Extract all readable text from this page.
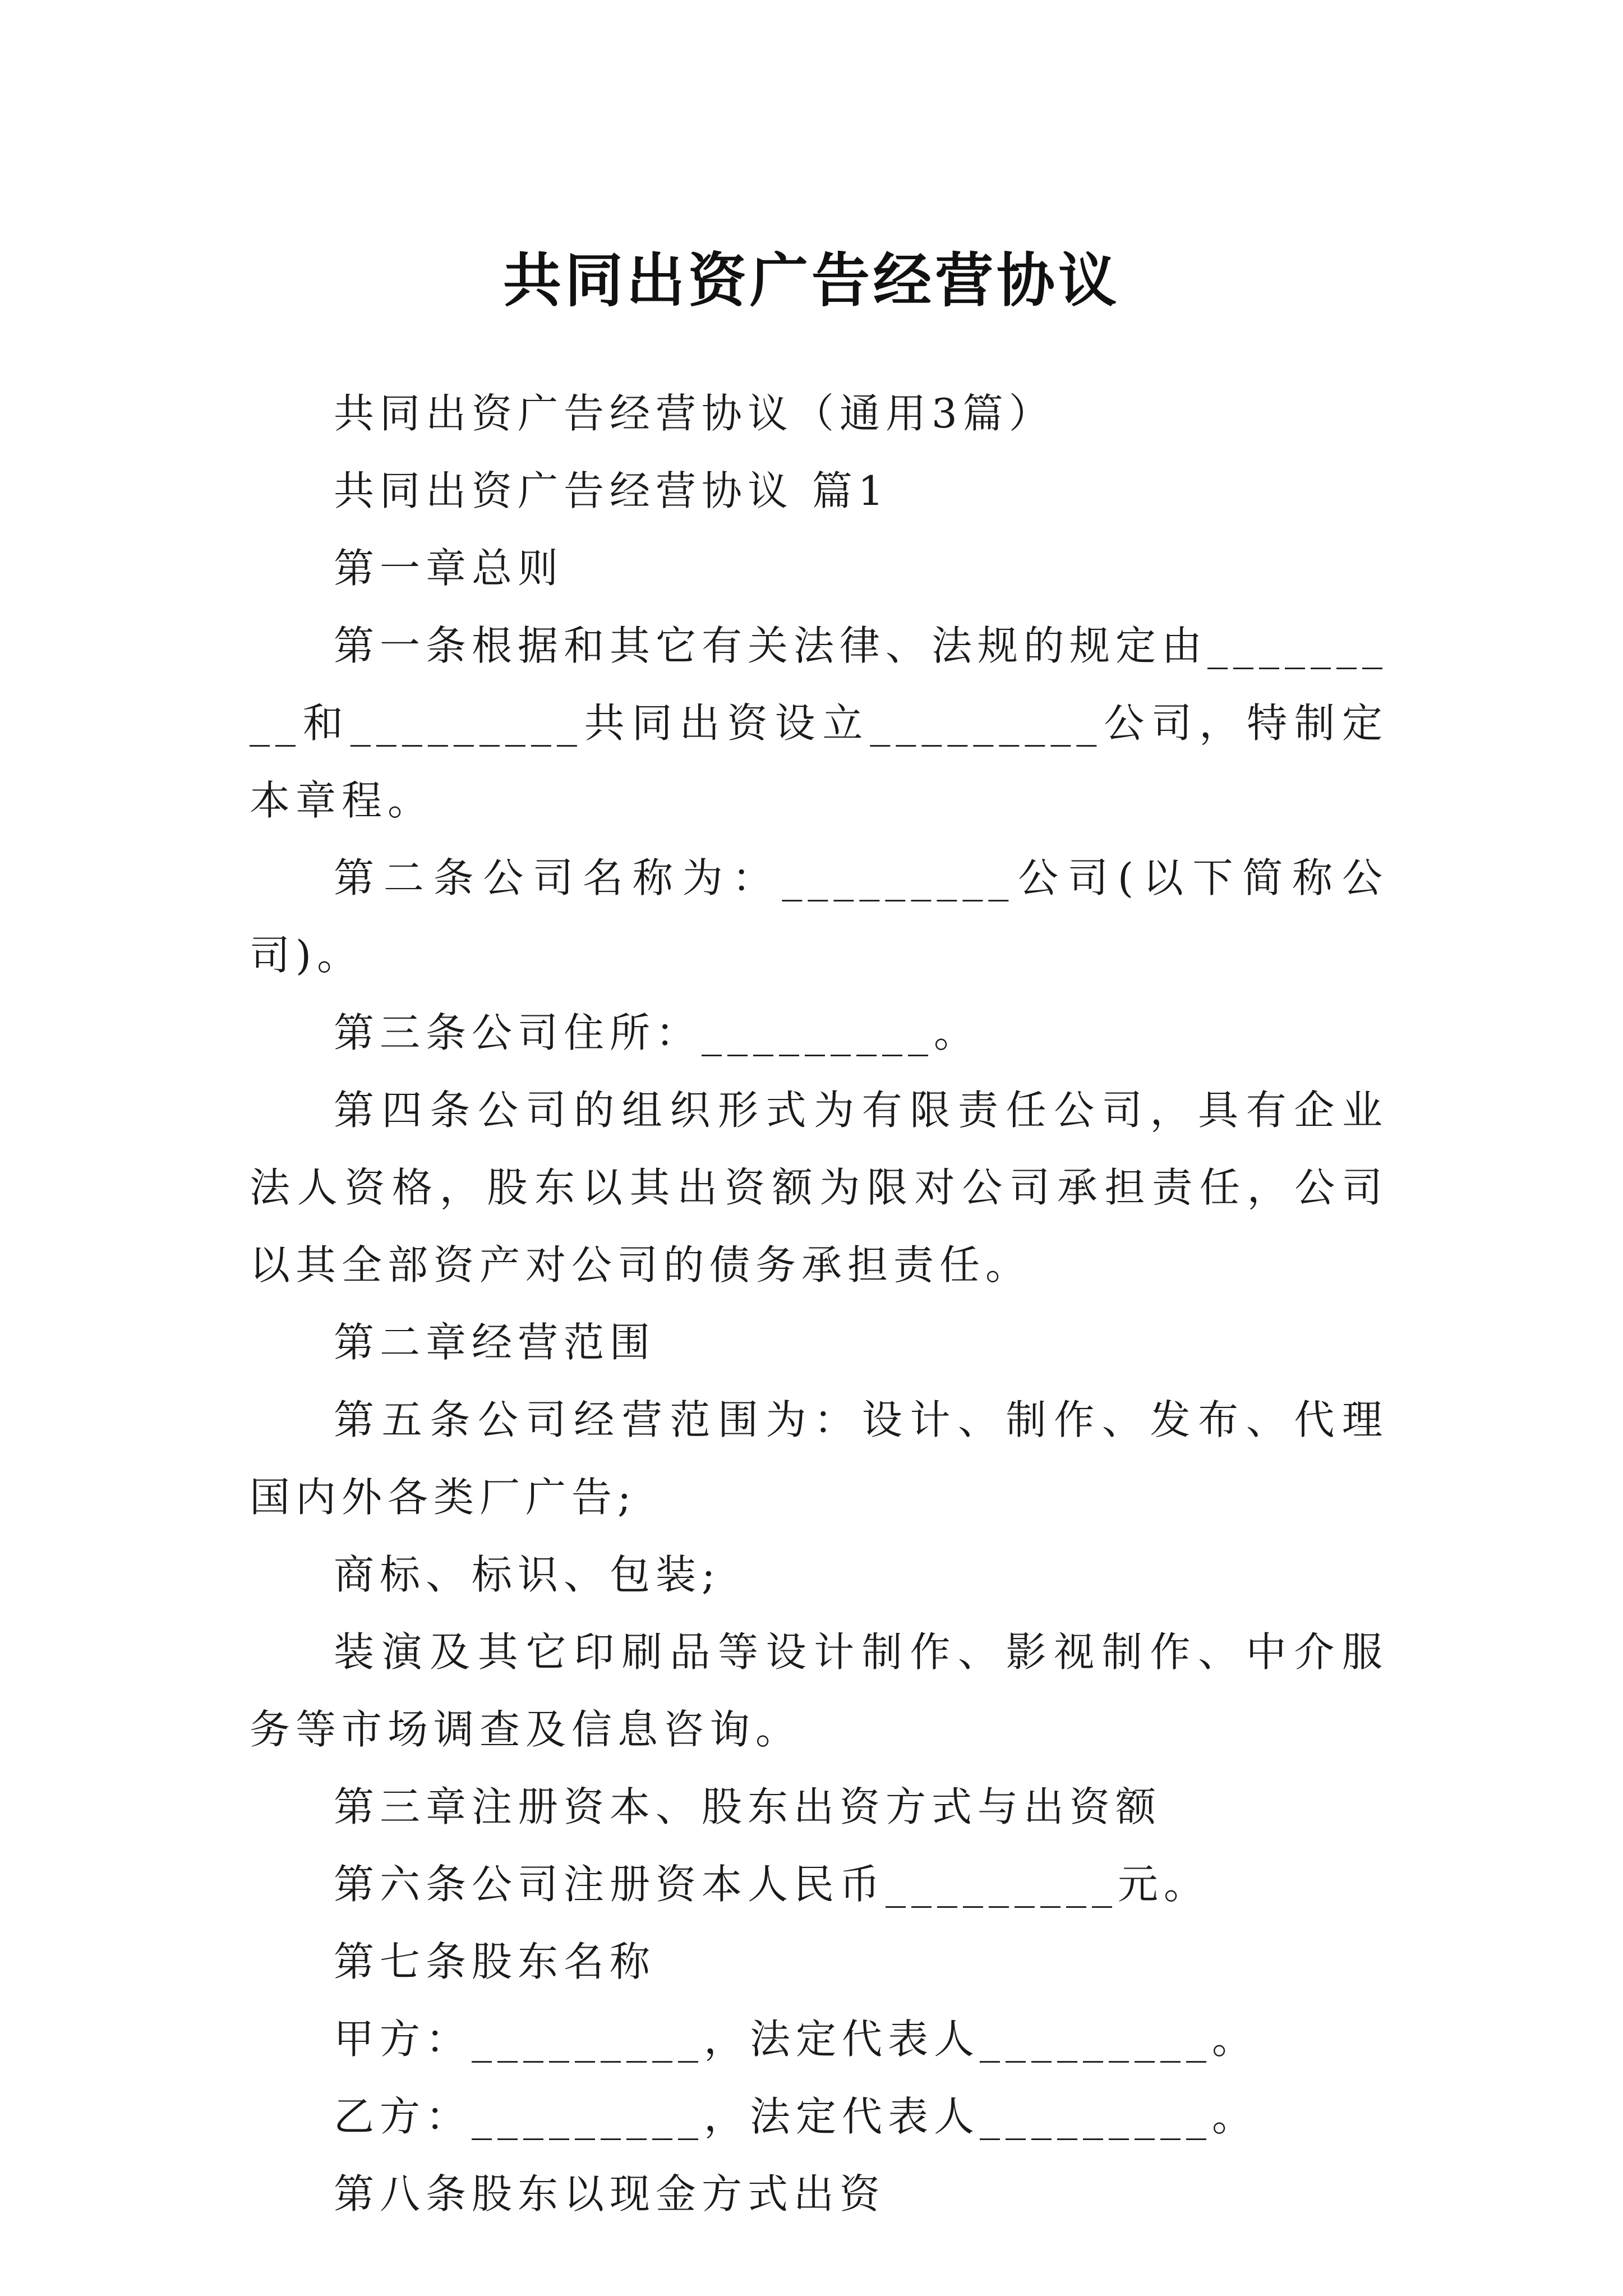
共同出资广告经营协议

共同出资广告经营协议（通用3篇）

共同出资广告经营协议 篇1

第一章总则

第一条根据和其它有关法律、法规的规定由_________和_________共同出资设立_________公司，特制定本章程。

第二条公司名称为：_________公司(以下简称公司)。

第三条公司住所：_________。

第四条公司的组织形式为有限责任公司，具有企业法人资格，股东以其出资额为限对公司承担责任，公司以其全部资产对公司的债务承担责任。

第二章经营范围

第五条公司经营范围为：设计、制作、发布、代理国内外各类厂广告;

商标、标识、包装;

装演及其它印刷品等设计制作、影视制作、中介服务等市场调查及信息咨询。

第三章注册资本、股东出资方式与出资额

第六条公司注册资本人民币_________元。

第七条股东名称

甲方：_________，法定代表人_________。

乙方：_________，法定代表人_________。

第八条股东以现金方式出资
